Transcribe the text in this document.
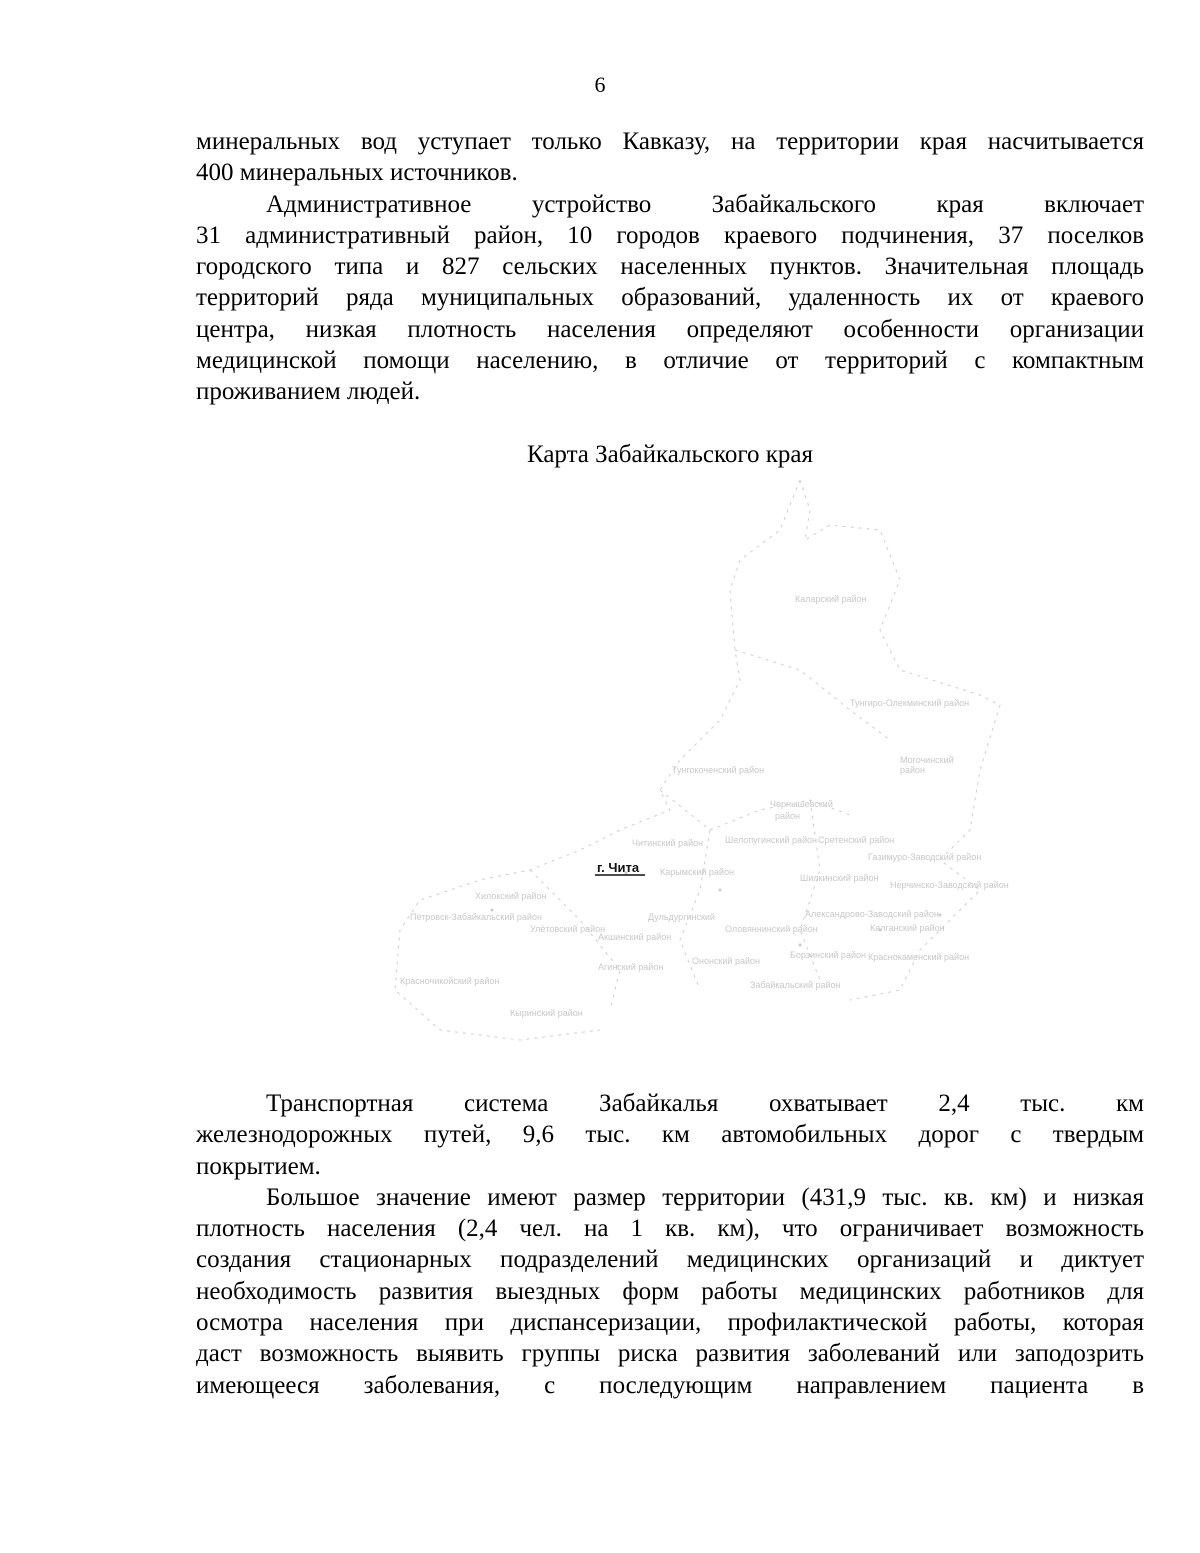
6
минеральных вод уступает только Кавказу, на территории края насчитывается
400 минеральных источников.
Административное устройство Забайкальского края включает
31 административный район, 10 городов краевого подчинения, 37 поселков
городского типа и 827 сельских населенных пунктов. Значительная площадь
территорий ряда муниципальных образований, удаленность их от краевого
центра, низкая плотность населения определяют особенности организации
медицинской помощи населению, в отличие от территорий с компактным
проживанием людей.
Карта Забайкальского края
Каларский район
Тунгиро-Олекминский район
Тунгокоченский район
Могочинский
район
Чернышевский
район
Читинский район Шелопугинский район Сретенский район
Газимуро-Заводский район
Карымский район
Шилкинский район
Нерчинско-Заводский район
Хилокский район
Дульдургинский	Александрово-Заводский район
Петровск-Забайкальский район
Улётовский район	Оловяннинский район	Калганский район
Акшинский район
Борзинский район Краснокаменский район
Агинский район
Ононский район
Красночикойский район	Забайкальский район
Кыринский район
г. Чита
Транспортная система Забайкалья охватывает 2,4 тыс. км
железнодорожных путей, 9,6 тыс. км автомобильных дорог с твердым
покрытием.
Большое значение имеют размер территории (431,9 тыс. кв. км) и низкая
плотность населения (2,4 чел. на 1 кв. км), что ограничивает возможность
создания стационарных подразделений медицинских организаций и диктует
необходимость развития выездных форм работы медицинских работников для
осмотра населения при диспансеризации, профилактической работы, которая
даст возможность выявить группы риска развития заболеваний или заподозрить
имеющееся заболевания, с последующим направлением пациента в
